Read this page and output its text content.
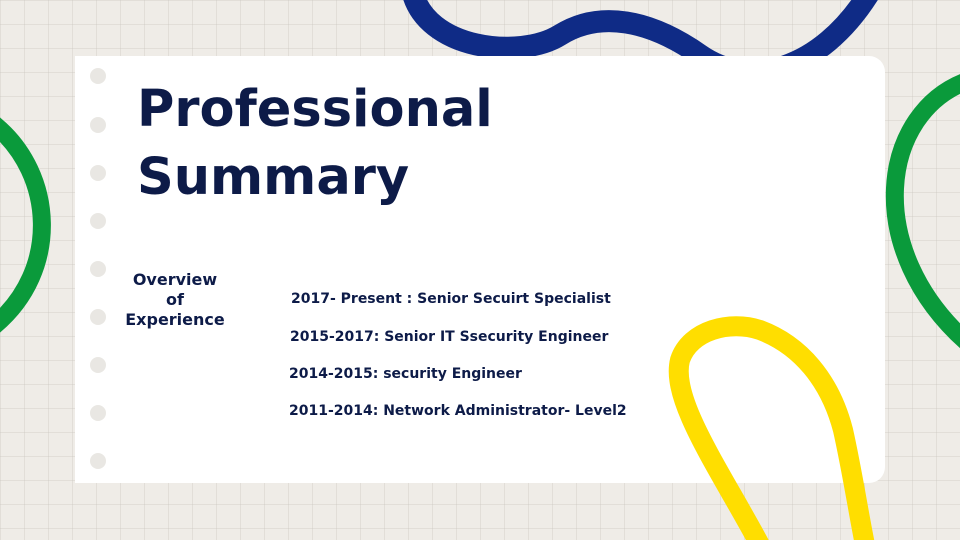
Professional
Summary
Overview
of
Experience
2017- Present : Senior Secuirt Specialist
2015-2017: Senior IT Ssecurity Engineer
2014-2015: security Engineer
2011-2014: Network Administrator- Level2
